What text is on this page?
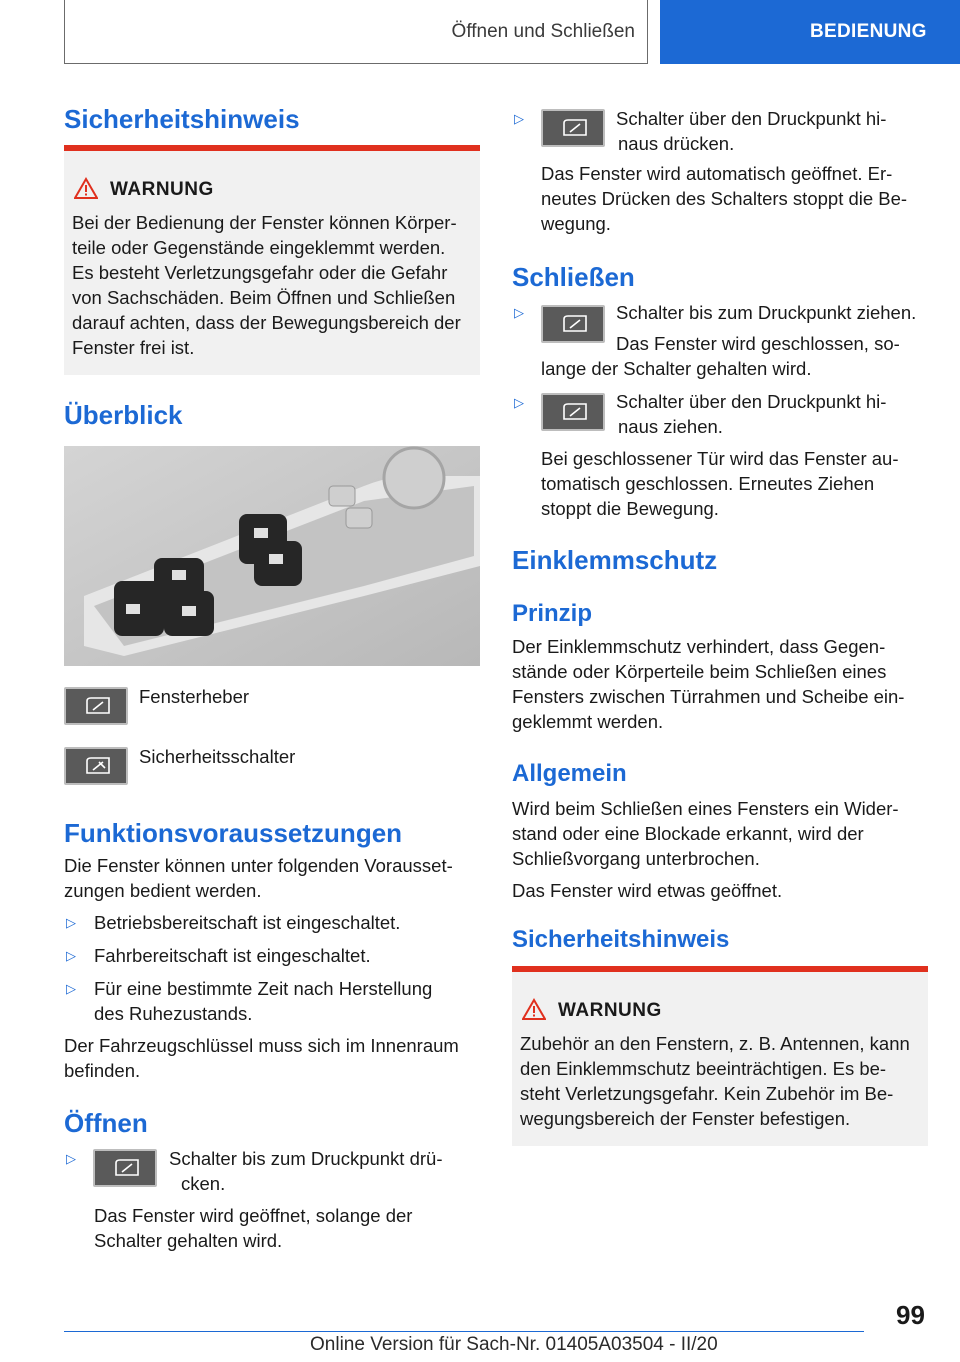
Öffnen und Schließen	BEDIENUNG
Sicherheitshinweis
WARNUNG
Bei der Bedienung der Fenster können Körper-
teile oder Gegenstände eingeklemmt werden.
Es besteht Verletzungsgefahr oder die Gefahr
von Sachschäden. Beim Öffnen und Schließen
darauf achten, dass der Bewegungsbereich der
Fenster frei ist.
Überblick
Fensterheber
Sicherheitsschalter
Funktionsvoraussetzungen
Die Fenster können unter folgenden Vorausset-
zungen bedient werden.
▷ Betriebsbereitschaft ist eingeschaltet.
▷ Fahrbereitschaft ist eingeschaltet.
▷ Für eine bestimmte Zeit nach Herstellung
des Ruhezustands.
Der Fahrzeugschlüssel muss sich im Innenraum
befinden.
Öffnen
▷	Schalter bis zum Druckpunkt drü-
cken.
Das Fenster wird geöffnet, solange der
Schalter gehalten wird.
▷	Schalter über den Druckpunkt hi-
naus drücken.
Das Fenster wird automatisch geöffnet. Er-
neutes Drücken des Schalters stoppt die Be-
wegung.
Schließen
▷	Schalter bis zum Druckpunkt ziehen.
Das Fenster wird geschlossen, so-
lange der Schalter gehalten wird.
▷	Schalter über den Druckpunkt hi-
naus ziehen.
Bei geschlossener Tür wird das Fenster au-
tomatisch geschlossen. Erneutes Ziehen
stoppt die Bewegung.
Einklemmschutz
Prinzip
Der Einklemmschutz verhindert, dass Gegen-
stände oder Körperteile beim Schließen eines
Fensters zwischen Türrahmen und Scheibe ein-
geklemmt werden.
Allgemein
Wird beim Schließen eines Fensters ein Wider-
stand oder eine Blockade erkannt, wird der
Schließvorgang unterbrochen.
Das Fenster wird etwas geöffnet.
Sicherheitshinweis
WARNUNG
Zubehör an den Fenstern, z. B. Antennen, kann
den Einklemmschutz beeinträchtigen. Es be-
steht Verletzungsgefahr. Kein Zubehör im Be-
wegungsbereich der Fenster befestigen.
99
Online Version für Sach-Nr. 01405A03504 - II/20
